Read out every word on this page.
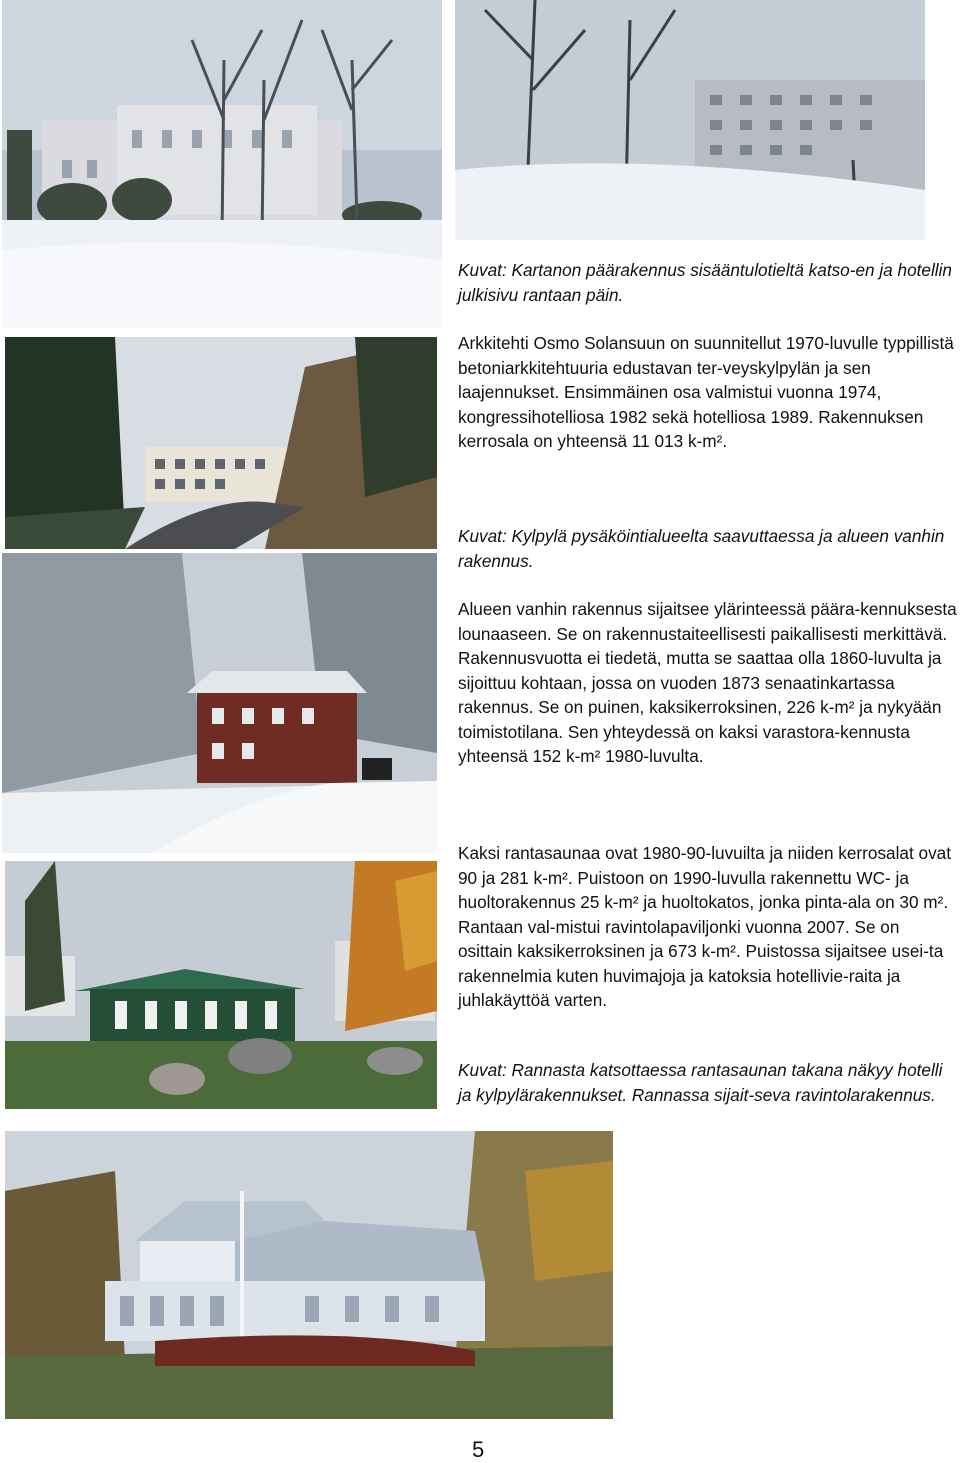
Kuvat: Kartanon päärakennus sisääntulotieltä katso-en ja hotellin julkisivu rantaan päin.

Arkkitehti Osmo Solansuun on suunnitellut 1970-luvulle typpillistä betoniarkkitehtuuria edustavan ter-veyskylpylän ja sen laajennukset. Ensimmäinen osa valmistui vuonna 1974, kongressihotelliosa 1982 sekä hotelliosa 1989. Rakennuksen kerrosala on yhteensä 11 013 k-m².

Kuvat: Kylpylä pysäköintialueelta saavuttaessa ja alueen vanhin rakennus.

Alueen vanhin rakennus sijaitsee ylärinteessä päära-kennuksesta lounaaseen. Se on rakennustaiteellisesti paikallisesti merkittävä. Rakennusvuotta ei tiedetä, mutta se saattaa olla 1860-luvulta ja sijoittuu kohtaan, jossa on vuoden 1873 senaatinkartassa rakennus. Se on puinen, kaksikerroksinen, 226 k-m² ja nykyään toimistotilana. Sen yhteydessä on kaksi varastora-kennusta yhteensä 152 k-m² 1980-luvulta.

Kaksi rantasaunaa ovat 1980-90-luvuilta ja niiden kerrosalat ovat 90 ja 281 k-m². Puistoon on 1990-luvulla rakennettu WC- ja huoltorakennus 25 k-m² ja huoltokatos, jonka pinta-ala on 30 m². Rantaan val-mistui ravintolapaviljonki vuonna 2007. Se on osittain kaksikerroksinen ja 673 k-m². Puistossa sijaitsee usei-ta rakennelmia kuten huvimajoja ja katoksia hotellivie-raita ja juhlakäyttöä varten.

Kuvat: Rannasta katsottaessa rantasaunan takana näkyy hotelli ja kylpylärakennukset. Rannassa sijait-seva ravintolarakennus.

5
